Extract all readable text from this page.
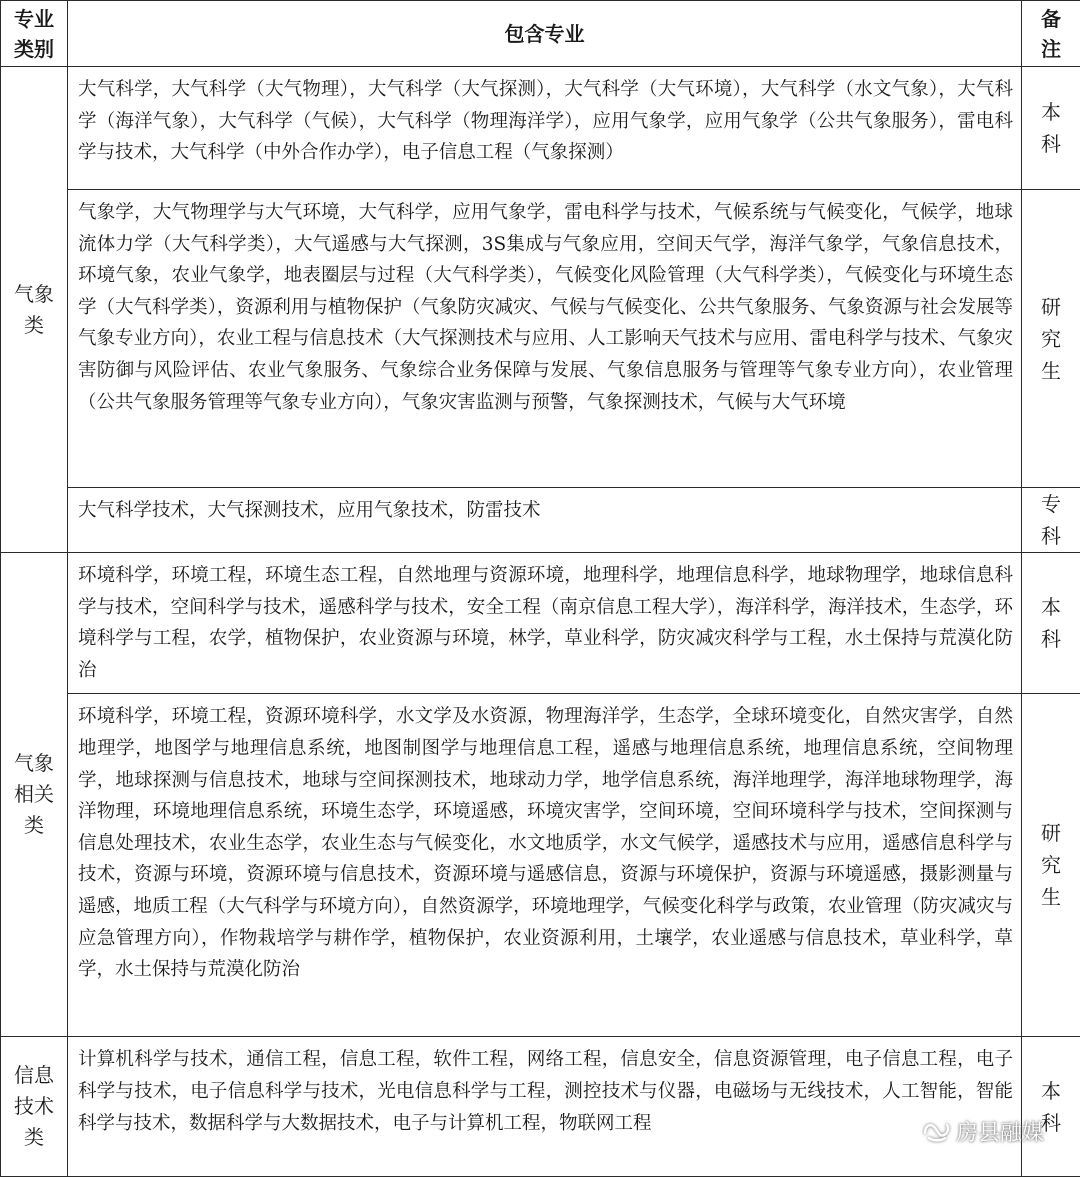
专业类别	包含专业	备注
气象类	大气科学，大气科学（大气物理），大气科学（大气探测），大气科学（大气环境），大气科学（水文气象），大气科学（海洋气象），大气科学（气候），大气科学（物理海洋学），应用气象学，应用气象学（公共气象服务），雷电科学与技术，大气科学（中外合作办学），电子信息工程（气象探测）	本科
	气象学，大气物理学与大气环境，大气科学，应用气象学，雷电科学与技术，气候系统与气候变化，气候学，地球流体力学（大气科学类），大气遥感与大气探测，3S集成与气象应用，空间天气学，海洋气象学，气象信息技术，环境气象，农业气象学，地表圈层与过程（大气科学类），气候变化风险管理（大气科学类），气候变化与环境生态学（大气科学类），资源利用与植物保护（气象防灾减灾、气候与气候变化、公共气象服务、气象资源与社会发展等气象专业方向），农业工程与信息技术（大气探测技术与应用、人工影响天气技术与应用、雷电科学与技术、气象灾害防御与风险评估、农业气象服务、气象综合业务保障与发展、气象信息服务与管理等气象专业方向），农业管理（公共气象服务管理等气象专业方向），气象灾害监测与预警，气象探测技术，气候与大气环境	研究生
	大气科学技术，大气探测技术，应用气象技术，防雷技术	专科
气象相关类	环境科学，环境工程，环境生态工程，自然地理与资源环境，地理科学，地理信息科学，地球物理学，地球信息科学与技术，空间科学与技术，遥感科学与技术，安全工程（南京信息工程大学），海洋科学，海洋技术，生态学，环境科学与工程，农学，植物保护，农业资源与环境，林学，草业科学，防灾减灾科学与工程，水土保持与荒漠化防治	本科
	环境科学，环境工程，资源环境科学，水文学及水资源，物理海洋学，生态学，全球环境变化，自然灾害学，自然地理学，地图学与地理信息系统，地图制图学与地理信息工程，遥感与地理信息系统，地理信息系统，空间物理学，地球探测与信息技术，地球与空间探测技术，地球动力学，地学信息系统，海洋地理学，海洋地球物理学，海洋物理，环境地理信息系统，环境生态学，环境遥感，环境灾害学，空间环境，空间环境科学与技术，空间探测与信息处理技术，农业生态学，农业生态与气候变化，水文地质学，水文气候学，遥感技术与应用，遥感信息科学与技术，资源与环境，资源环境与信息技术，资源环境与遥感信息，资源与环境保护，资源与环境遥感，摄影测量与遥感，地质工程（大气科学与环境方向），自然资源学，环境地理学，气候变化科学与政策，农业管理（防灾减灾与应急管理方向），作物栽培学与耕作学，植物保护，农业资源利用，土壤学，农业遥感与信息技术，草业科学，草学，水土保持与荒漠化防治	研究生
信息技术类	计算机科学与技术，通信工程，信息工程，软件工程，网络工程，信息安全，信息资源管理，电子信息工程，电子科学与技术，电子信息科学与技术，光电信息科学与工程，测控技术与仪器，电磁场与无线技术，人工智能，智能科学与技术，数据科学与大数据技术，电子与计算机工程，物联网工程	本科
房县融媒
